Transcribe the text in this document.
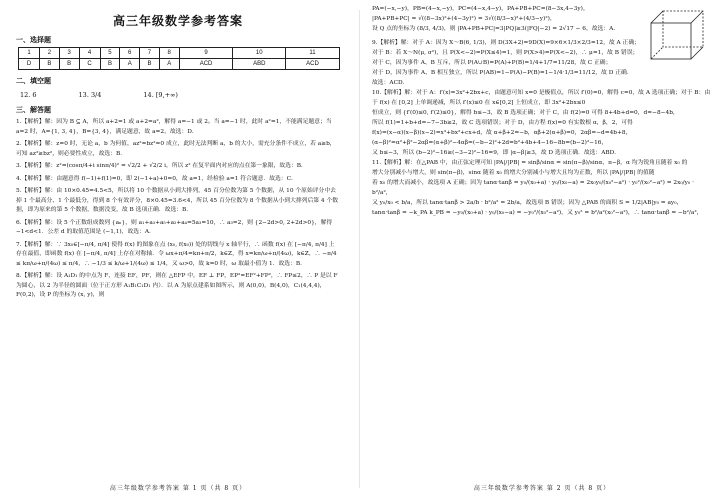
高三年级数学参考答案
一、选择题
1	2	3	4	5	6	7	8	9	10	11
D	B	B	C	B	A	B	A	ACD	ABD	ACD
二、填空题
12. 6	13. 3/4	14. [9,+∞)
三、解答题

1.【解析】解：因为 B ⊆ A，所以 a+2=1 或 a+2=a²，解得 a=−1 或 2。当 a=−1 时，此时 a²=1，不能满足题意；当 a=2 时，A={1, 3, 4}，B={3, 4}，满足题意，故 a=2，故选：D．

2.【解析】解：z=0 时，无论 a，b 为何值，az²=bz²=0 成立，此时无法判断 a，b 的大小，需充分条件不成立，若 a≥b，可知 az²≥bz²，则必要性成立，故选：B．

3.【解析】解：z²=(cosπ/4+i sinπ/4)² = √2/2 + √2/2 i，所以 z² 在复平面内对应的点在第一象限，故选：B．

4.【解析】解：由题意得 f(−1)+f(1)=0，即 2(−1+a)+0=0，故 a=1，经检验 a=1 符合题意．故选：C．

5.【解析】解：由 10×0.45=4.5<5，所以将 10 个数据从小到大排列，45 百分位数为第 5 个数据，从 10 个原始评分中去掉 1 个最高分、1 个最低分，得到 8 个有效评分，8×0.45=3.6<4，所以 45 百分位数为 8 个数据从小到大排列后第 4 个数据，即为原来的第 5 个数据，数据没变，故 B 选项正确．故选：B．

6.【解析】解：设 5 个正数组成数列 {aₙ}，则 a₁+a₃+a₅+a₂+a₄=5a₃=10，∴ a₃=2，则 {2−2d>0, 2+2d>0}，解得 −1<d<1．公差 d 的取值范围是 (−1,1)，故选：A．

7.【解析】解：∵ 3x₀∈[−π/4, π/4] 使得 f(x) 的图象在点 (x₀, f(x₀)) 处的切线与 x 轴平行，∴ 函数 f(x) 在 [−π/4, π/4] 上存在最值，即函数 f(x) 在 [−π/4, π/4] 上存在对称轴．令 ωx+π/4=kπ+π/2，k∈Z，得 x=kπ/ω+π/(4ω)，k∈Z，∴ −π/4 ≤ kπ/ω+π/(4ω) ≤ π/4，∴ −1/3 ≤ k/ω+1/(4ω) ≤ 1/4，又 ω>0，故 k=0 时，ω 取最小值为 1．故选：B．

8.【解析】解：设 A₁D₁ 的中点为 F，连接 EF，PF，则在 △EFP 中，EF ⊥ FP，EP²=EF²+FP²，∴ FP≤2，∴ P 是以 F 为圆心，以 2 为半径的圆面（位于正方形 A₁B₁C₁D₁ 内）．以 A 为原点建系如图所示，则 A(0,0)，B(4,0)，C₁(4,4,4)，F(0,2)，设 P 的坐标为 (x, y)，则

高三年级数学参考答案 第 1 页（共 8 页）
PA=(−x,−y)，PB=(4−x,−y)，PC=(4−x,4−y)，PA+PB+PC=(8−3x,4−3y)，
|PA+PB+PC| = √((8−3x)²+(4−3y)²) = 3√((8/3−x)²+(4/3−y)²)，
设 Q 点的坐标为 (8/3, 4/3)，则 |PA+PB+PC|=3|PQ|≥3(|FQ|−2) = 2√17 − 6，故选：A．
9.【解析】解：对于 A：因为 X～B(6, 1/3)，则 D(3X+2)=9D(X)=9×6×1/3×2/3=12，故 A 正确；
对于 B：若 X～N(μ, σ²)，且 P(X<−2)=P(X≤4)=1，则 P(X>4)=P(X<−2)，∴ μ=1，故 B 错误；
对于 C，因为事件 A、B 互斥，所以 P(A∪B)=P(A)+P(B)=1/4+1/7=11/28，故 C 正确；
对于 D，因为事件 A、B 相互独立，所以 P(AB)=1−P(A)−P(B)=1−1/4·1/3=11/12，故 D 正确．
故选：ACD．
10.【解析】解：对于 A：f′(x)=3x²+2bx+c，由题意可知 x=0 是极值点，所以 f′(0)=0，解得 c=0，故 A 选项正确；对于 B：由于 f(x) 在 [0,2] 上单调递减，所以 f′(x)≤0 在 x∈[0,2] 上恒成立，即 3x²+2bx≤0
恒成立，则 {f′(0)≤0, f′(2)≤0}，解得 b≤−3，故 B 选项正确；对于 C，由 f(2)=0 可得 8+4b+d=0，d=−8−4b，
所以 f(1)=1+b+d=−7−3b≥2，故 C 选项错误；对于 D，由方程 f(x)=0 有实数根 α，β，2，可得
f(x)=(x−α)(x−β)(x−2)=x³+bx²+cx+d，故 α+β+2=−b，αβ+2(α+β)=0，2αβ=−d=4b+8，
(α−β)²=α²+β²−2αβ=(α+β)²−4αβ=(−b−2)²+2d=b²+4b+4−16−8b=(b−2)²−16，
又 b≤−3，所以 (b−2)²−16≥(−3−2)²−16=9，即 |α−β|≥3，故 D 选项正确．故选：ABD．
11.【解析】解：在△PAB 中，由正弦定理可知 |PA|/|PB| = sinβ/sinα = sin(π−β)/sinα，π−β，α 均为锐角且随着 x₀ 的
增大分别减小与增大，则 sin(π−β)，sinα 随着 x₀ 的增大分别减小与增大且均为正数，所以 |PA|/|PB| 的值随
着 x₀ 的增大而减小，故选项 A 正确；因为 tanα·tanβ = y₀/(x₀+a) · y₀/(x₀−a) = 2x₀y₀/(x₀²−a²) · y₀²/(x₀²−a²) = 2x₀/y₀ · b²/a²，
又 y₀/x₀ < b/a，所以 tanα·tanβ > 2a/b · b²/a² = 2b/a，故选项 B 错误；因为 △PAB 的面积 S = 1/2|AB|y₀ = ay₀，
tanα·tanβ = −k_PA k_PB = −y₀/(x₀+a) · y₀/(x₀−a) = −y₀²/(x₀²−a²)，又 y₀² = b²/a²(x₀²−a²)，∴ tanα·tanβ = −b²/a²，
高三年级数学参考答案 第 2 页（共 8 页）
